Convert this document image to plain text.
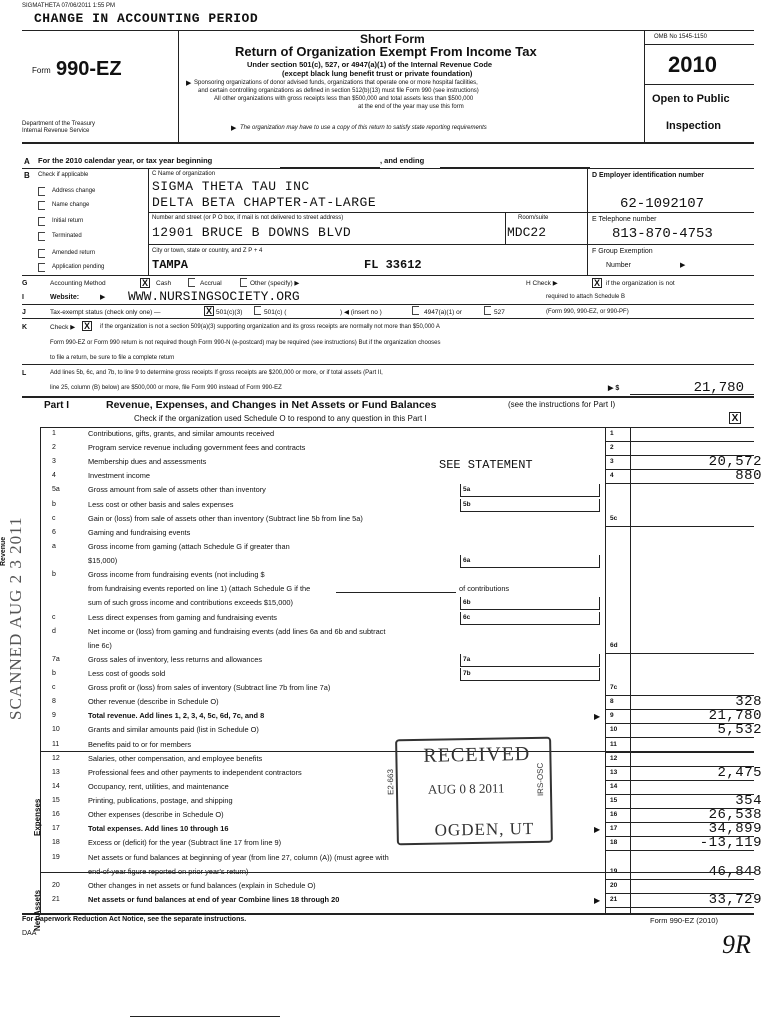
SIGMATHETA 07/06/2011 1:55 PM
CHANGE IN ACCOUNTING PERIOD
Form 990-EZ
Department of the Treasury
Internal Revenue Service
Short Form
Return of Organization Exempt From Income Tax
Under section 501(c), 527, or 4947(a)(1) of the Internal Revenue Code
(except black lung benefit trust or private foundation)
▶ Sponsoring organizations of donor advised funds, organizations that operate one or more hospital facilities,
and certain controlling organizations as defined in section 512(b)(13) must file Form 990 (see instructions)
All other organizations with gross receipts less than $500,000 and total assets less than $500,000
at the end of the year may use this form
▶ The organization may have to use a copy of this return to satisfy state reporting requirements
OMB No 1545-1150
2010
Open to Public
Inspection
A For the 2010 calendar year, or tax year beginning	, and ending
B Check if applicable
Address change
Name change
Initial return
Terminated
Amended return
Application pending
C Name of organization
SIGMA THETA TAU INC
DELTA BETA CHAPTER-AT-LARGE
Number and street (or P O box, if mail is not delivered to street address)	Room/suite
12901 BRUCE B DOWNS BLVD	MDC22
City or town, state or country, and Z P + 4
TAMPA	FL 33612
D Employer identification number
62-1092107
E Telephone number
813-870-4753
F Group Exemption
Number	▶
G	Accounting Method	X	Cash	Accrual	Other (specify) ▶	H Check ▶	X if the organization is not
I	Website:	▶ WWW.NURSINGSOCIETY.ORG	required to attach Schedule B
J	Tax-exempt status (check only one) —	X 501(c)(3)	501(c) (	) ◀ (insert no )	4947(a)(1) or	527	(Form 990, 990-EZ, or 990-PF)
K	Check ▶ X	if the organization is not a section 509(a)(3) supporting organization and its gross receipts are normally not more than $50,000 A
Form 990-EZ or Form 990 return is not required though Form 990-N (e-postcard) may be required (see instructions) But if the organization chooses
to file a return, be sure to file a complete return
L	Add lines 5b, 6c, and 7b, to line 9 to determine gross receipts If gross receipts are $200,000 or more, or if total assets (Part II,
line 25, column (B) below) are $500,000 or more, file Form 990 instead of Form 990-EZ	▶ $	21,780
Part I	Revenue, Expenses, and Changes in Net Assets or Fund Balances	(see the instructions for Part I)
Check if the organization used Schedule O to respond to any question in this Part I	X
1	Contributions, gifts, grants, and similar amounts received	1
2	Program service revenue including government fees and contracts	2
3	Membership dues and assessments	3	20,572
4	Investment income	4	880
5a	Gross amount from sale of assets other than inventory	5a
b	Less cost or other basis and sales expenses	5b
c	Gain or (loss) from sale of assets other than inventory (Subtract line 5b from line 5a)	5c
6	Gaming and fundraising events
a	Gross income from gaming (attach Schedule G if greater than
$15,000)	6a
b	Gross income from fundraising events (not including $
from fundraising events reported on line 1) (attach Schedule G if the
sum of such gross income and contributions exceeds $15,000)	6b
c	Less direct expenses from gaming and fundraising events	6c
d	Net income or (loss) from gaming and fundraising events (add lines 6a and 6b and subtract
line 6c)	6d
7a	Gross sales of inventory, less returns and allowances	7a
b	Less cost of goods sold	7b
c	Gross profit or (loss) from sales of inventory (Subtract line 7b from line 7a)	7c
8	Other revenue (describe in Schedule O)	8	328
9	Total revenue. Add lines 1, 2, 3, 4, 5c, 6d, 7c, and 8	9	21,780
▶
10	Grants and similar amounts paid (list in Schedule O)	10	5,532
11	Benefits paid to or for members	11
12	Salaries, other compensation, and employee benefits	12
13	Professional fees and other payments to independent contractors	13	2,475
14	Occupancy, rent, utilities, and maintenance	14
15	Printing, publications, postage, and shipping	15	354
16	Other expenses (describe in Schedule O)	16	26,538
17	Total expenses. Add lines 10 through 16	17	34,899
▶
18	Excess or (deficit) for the year (Subtract line 17 from line 9)	18	-13,119
19	Net assets or fund balances at beginning of year (from line 27, column (A)) (must agree with
end-of-year figure reported on prior year's return)	19	46,848
20	Other changes in net assets or fund balances (explain in Schedule O)	20
21	Net assets or fund balances at end of year Combine lines 18 through 20	21	33,729
▶
SEE STATEMENT
of contributions
Revenue
Expenses
Net Assets
RECEIVED
AUG 0 8 2011
OGDEN, UT
E2-663	IRS-OSC
SCANNED AUG 2 3 2011
For Paperwork Reduction Act Notice, see the separate instructions.
DAA
Form 990-EZ (2010)
9R
